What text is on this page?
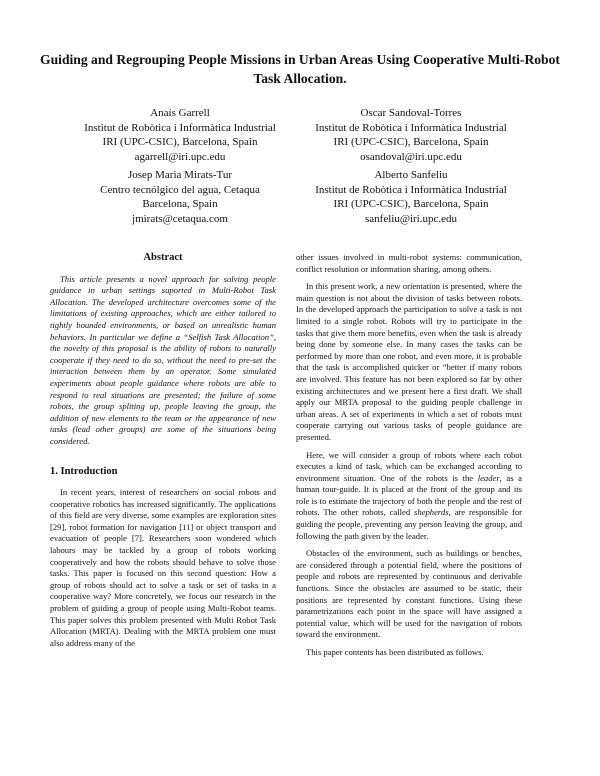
Guiding and Regrouping People Missions in Urban Areas Using Cooperative Multi-Robot Task Allocation.
Anaís Garrell
Institut de Robòtica i Informàtica Industrial
IRI (UPC-CSIC), Barcelona, Spain
agarrell@iri.upc.edu
Oscar Sandoval-Torres
Institut de Robòtica i Informàtica Industrial
IRI (UPC-CSIC), Barcelona, Spain
osandoval@iri.upc.edu
Josep Maria Mirats-Tur
Centro tecnólgico del agua, Cetaqua
Barcelona, Spain
jmirats@cetaqua.com
Alberto Sanfeliu
Institut de Robòtica i Informàtica Industrial
IRI (UPC-CSIC), Barcelona, Spain
sanfeliu@iri.upc.edu
Abstract

This article presents a novel approach for solving people guidance in urban settings suported in Multi-Robot Task Allocation. The developed architecture overcomes some of the limitations of existing approaches, which are either tailored to tightly bounded environments, or based on unrealistic human behaviors. In particular we define a “Selfish Task Allocation”, the novelty of this proposal is the ability of robots to naturally cooperate if they need to do so, without the need to pre-set the interaction between them by an operator. Some simulated experiments about people guidance where robots are able to respond to real situations are presented; the failure of some robots, the group spliting up, people leaving the group, the addition of new elements to the team or the appearance of new tasks (lead other groups) are some of the situations being considered.

1. Introduction

In recent years, interest of researchers on social robots and cooperative robotics has increased significantly. The applications of this field are very diverse, some examples are exploration sites [29], robot formation for navigation [11] or object transport and evacuation of people [7]. Researchers soon wondered which labours may be tackled by a group of robots working cooperatively and how the robots should behave to solve those tasks. This paper is focused on this second question: How a group of robots should act to solve a task or set of tasks in a cooperative way? More concretely, we focus our research in the problem of guiding a group of people using Multi-Robot teams. This paper solves this problem presented with Multi Robot Task Allocation (MRTA). Dealing with the MRTA problem one must also address many of the

other issues involved in multi-robot systems: communication, conflict resolution or information sharing, among others.

In this present work, a new orientation is presented, where the main question is not about the division of tasks between robots. In the developed approach the participation to solve a task is not limited to a single robot. Robots will try to participate in the tasks that give them more benefits, even when the task is already being done by someone else. In many cases the tasks can be performed by more than one robot, and even more, it is probable that the task is accomplished quicker or ”better if many robots are involved. This feature has not been explored so far by other existing architectures and we present here a first draft. We shall apply our MRTA proposal to the guiding people challenge in urban areas. A set of experiments in which a set of robots must cooperate carrying out various tasks of people guidance are presented.

Here, we will consider a group of robots where each robot executes a kind of task, which can be exchanged according to environment situation. One of the robots is the leader, as a human tour-guide. It is placed at the front of the group and its role is to estimate the trajectory of both the people and the rest of robots. The other robots, called shepherds, are responsible for guiding the people, preventing any person leaving the group, and following the path given by the leader.

Obstacles of the environment, such as buildings or benches, are considered through a potential field, where the positions of people and robots are represented by continuous and derivable functions. Since the obstacles are assumed to be static, their positions are represented by constant functions. Using these parametrizations each point in the space will have assigned a potential value, which will be used for the navigation of robots toward the environment.

This paper contents has been distributed as follows.
